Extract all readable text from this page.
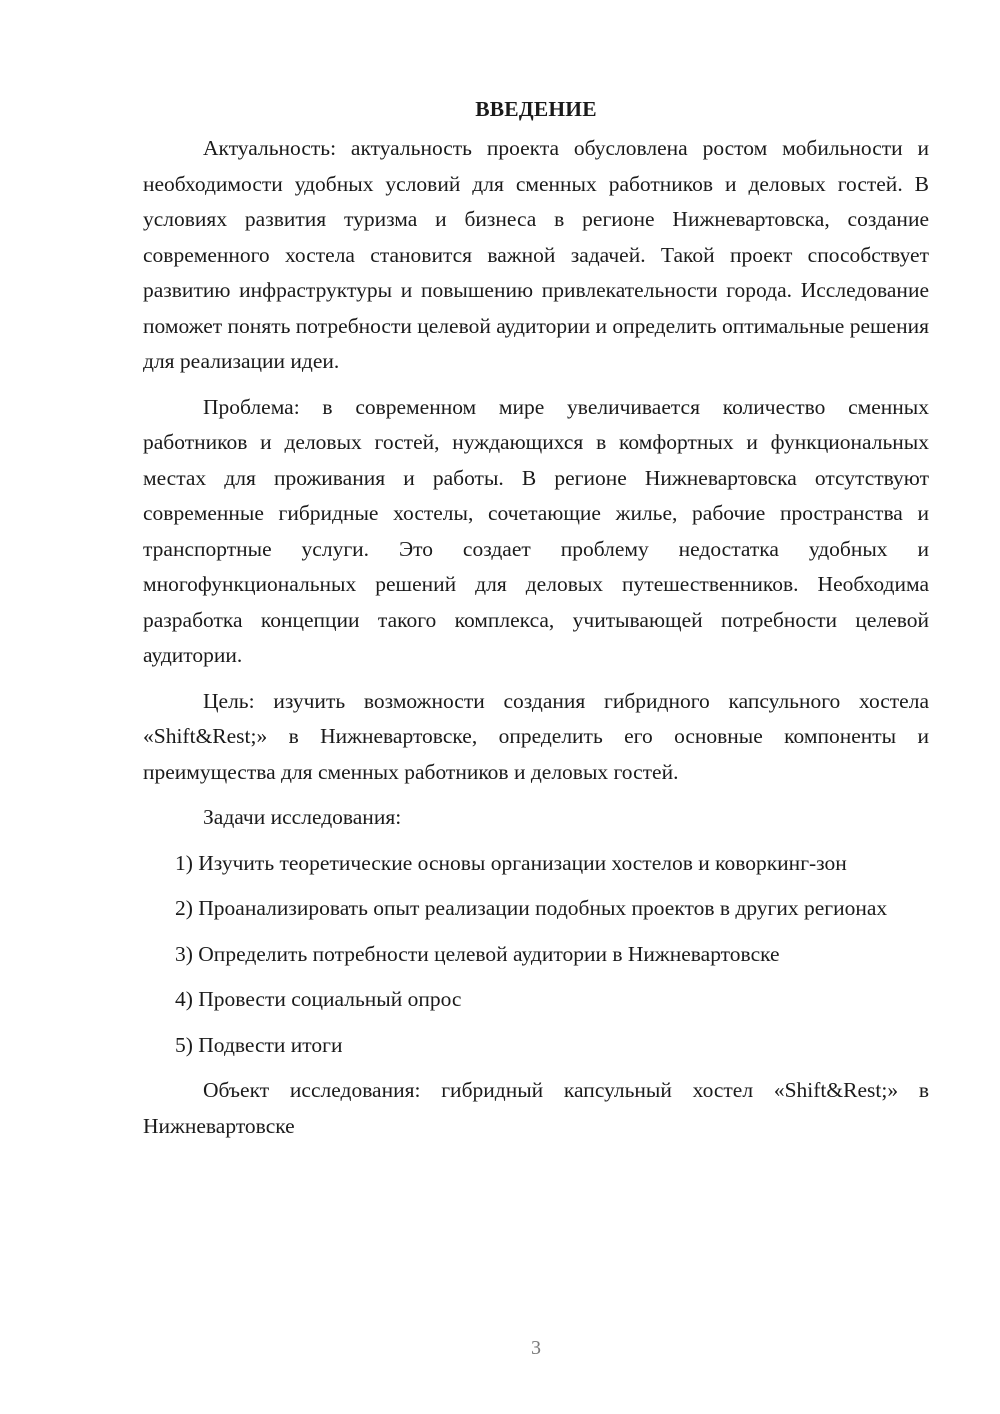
ВВЕДЕНИЕ

Актуальность: актуальность проекта обусловлена ростом мобильности и необходимости удобных условий для сменных работников и деловых гостей. В условиях развития туризма и бизнеса в регионе Нижневартовска, создание современного хостела становится важной задачей. Такой проект способствует развитию инфраструктуры и повышению привлекательности города. Исследование поможет понять потребности целевой аудитории и определить оптимальные решения для реализации идеи.

Проблема: в современном мире увеличивается количество сменных работников и деловых гостей, нуждающихся в комфортных и функциональных местах для проживания и работы. В регионе Нижневартовска отсутствуют современные гибридные хостелы, сочетающие жилье, рабочие пространства и транспортные услуги. Это создает проблему недостатка удобных и многофункциональных решений для деловых путешественников. Необходима разработка концепции такого комплекса, учитывающей потребности целевой аудитории.

Цель: изучить возможности создания гибридного капсульного хостела «Shift&Rest;» в Нижневартовске, определить его основные компоненты и преимущества для сменных работников и деловых гостей.

Задачи исследования:

1) Изучить теоретические основы организации хостелов и коворкинг-зон

2) Проанализировать опыт реализации подобных проектов в других регионах

3) Определить потребности целевой аудитории в Нижневартовске

4) Провести социальный опрос

5) Подвести итоги

Объект исследования: гибридный капсульный хостел «Shift&Rest;» в Нижневартовске

3
